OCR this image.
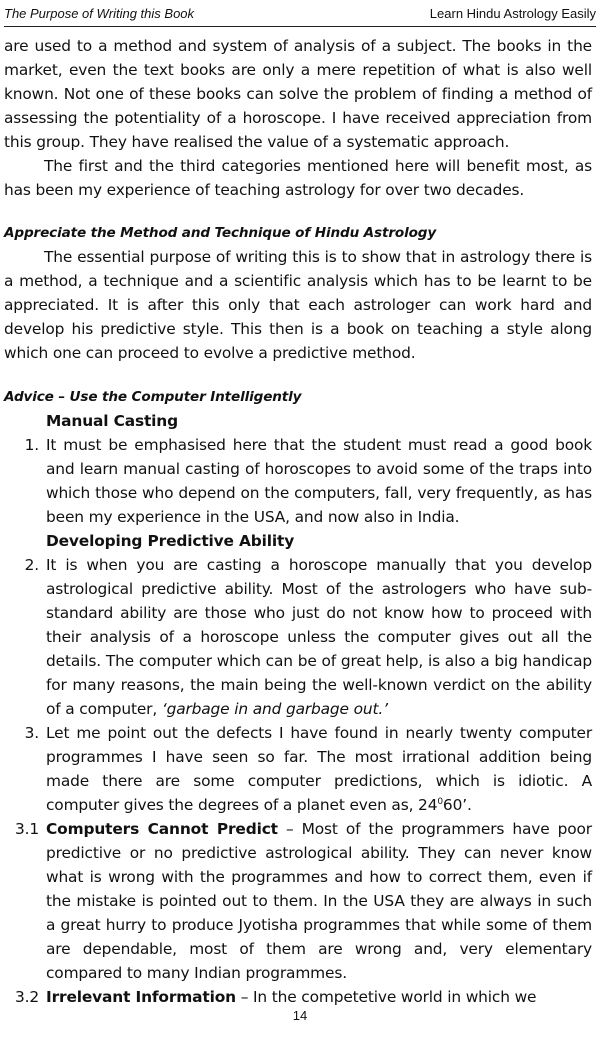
The Purpose of Writing this Book	Learn Hindu Astrology Easily

are used to a method and system of analysis of a subject. The books in the market, even the text books are only a mere repetition of what is also well known. Not one of these books can solve the problem of finding a method of assessing the potentiality of a horoscope. I have received appreciation from this group. They have realised the value of a systematic approach.

The first and the third categories mentioned here will benefit most, as has been my experience of teaching astrology for over two decades.

Appreciate the Method and Technique of Hindu Astrology

The essential purpose of writing this is to show that in astrology there is a method, a technique and a scientific analysis which has to be learnt to be appreciated. It is after this only that each astrologer can work hard and develop his predictive style. This then is a book on teaching a style along which one can proceed to evolve a predictive method.

Advice – Use the Computer Intelligently
Manual Casting
1. It must be emphasised here that the student must read a good book and learn manual casting of horoscopes to avoid some of the traps into which those who depend on the computers, fall, very frequently, as has been my experience in the USA, and now also in India.
Developing Predictive Ability
2. It is when you are casting a horoscope manually that you develop astrological predictive ability. Most of the astrologers who have sub-standard ability are those who just do not know how to proceed with their analysis of a horoscope unless the computer gives out all the details. The computer which can be of great help, is also a big handicap for many reasons, the main being the well-known verdict on the ability of a computer, ‘garbage in and garbage out.’
3. Let me point out the defects I have found in nearly twenty computer programmes I have seen so far. The most irrational addition being made there are some computer predictions, which is idiotic. A computer gives the degrees of a planet even as, $24^060$’.
3.1 Computers Cannot Predict – Most of the programmers have poor predictive or no predictive astrological ability. They can never know what is wrong with the programmes and how to correct them, even if the mistake is pointed out to them. In the USA they are always in such a great hurry to produce Jyotisha programmes that while some of them are dependable, most of them are wrong and, very elementary compared to many Indian programmes.
3.2 Irrelevant Information – In the competetive world in which we
14
